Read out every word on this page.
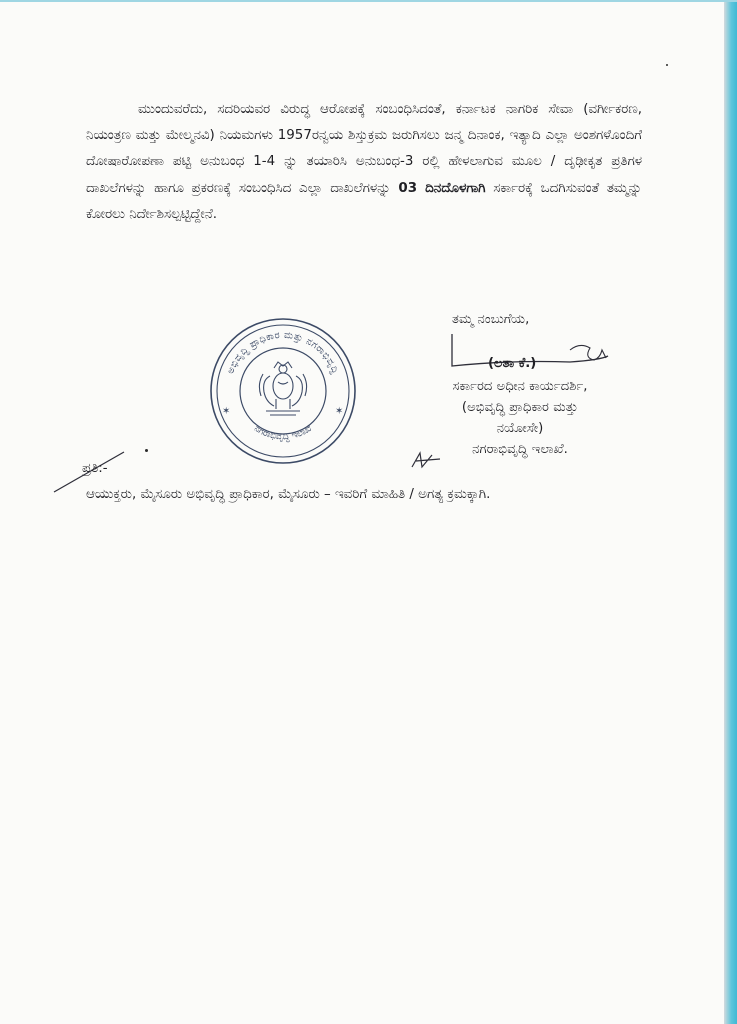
ಮುಂದುವರೆದು, ಸದರಿಯವರ ವಿರುದ್ಧ ಆರೋಪಕ್ಕೆ ಸಂಬಂಧಿಸಿದಂತೆ, ಕರ್ನಾಟಕ ನಾಗರಿಕ ಸೇವಾ (ವರ್ಗೀಕರಣ, ನಿಯಂತ್ರಣ ಮತ್ತು ಮೇಲ್ಮನವಿ) ನಿಯಮಗಳು 1957ರನ್ವಯ ಶಿಸ್ತುಕ್ರಮ ಜರುಗಿಸಲು ಜನ್ಮ ದಿನಾಂಕ, ಇತ್ಯಾದಿ ಎಲ್ಲಾ ಅಂಶಗಳೊಂದಿಗೆ ದೋಷಾರೋಪಣಾ ಪಟ್ಟಿ ಅನುಬಂಧ 1-4 ನ್ನು ತಯಾರಿಸಿ ಅನುಬಂಧ-3 ರಲ್ಲಿ ಹೇಳಲಾಗುವ ಮೂಲ / ದೃಢೀಕೃತ ಪ್ರತಿಗಳ ದಾಖಲೆಗಳನ್ನು ಹಾಗೂ ಪ್ರಕರಣಕ್ಕೆ ಸಂಬಂಧಿಸಿದ ಎಲ್ಲಾ ದಾಖಲೆಗಳನ್ನು 03 ದಿನದೊಳಗಾಗಿ ಸರ್ಕಾರಕ್ಕೆ ಒದಗಿಸುವಂತೆ ತಮ್ಮನ್ನು ಕೋರಲು ನಿರ್ದೇಶಿಸಲ್ಪಟ್ಟಿದ್ದೇನೆ.

ಅಭಿವೃದ್ಧಿ ಪ್ರಾಧಿಕಾರ ಮತ್ತು ನಗರಾಭಿವೃದ್ಧಿ
ನಗರಾಭಿವೃದ್ಧಿ ಇಲಾಖೆ
✶	✶
ತಮ್ಮ ನಂಬುಗೆಯ,
(ಲತಾ ಕೆ.)
ಸರ್ಕಾರದ ಅಧೀನ ಕಾರ್ಯದರ್ಶಿ,
(ಅಭಿವೃದ್ಧಿ ಪ್ರಾಧಿಕಾರ ಮತ್ತು
ನಯೋಸೇ)
ನಗರಾಭಿವೃದ್ಧಿ ಇಲಾಖೆ.
ಪ್ರತಿ:-

ಆಯುಕ್ತರು, ಮೈಸೂರು ಅಭಿವೃದ್ಧಿ ಪ್ರಾಧಿಕಾರ, ಮೈಸೂರು – ಇವರಿಗೆ ಮಾಹಿತಿ / ಅಗತ್ಯ ಕ್ರಮಕ್ಕಾಗಿ.
